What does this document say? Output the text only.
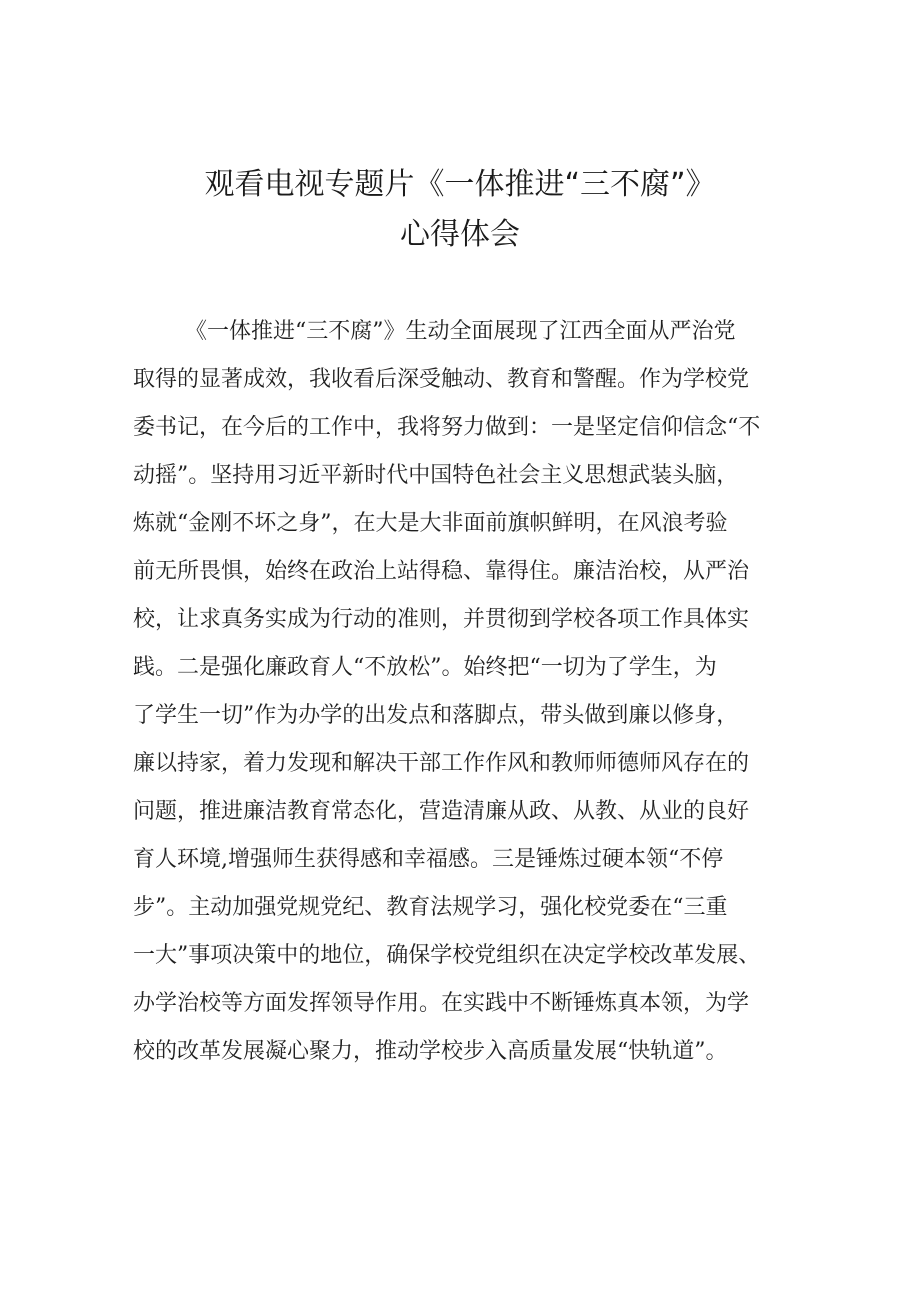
观看电视专题片《一体推进“三不腐”》
心得体会
《一体推进“三不腐”》生动全面展现了江西全面从严治党
取得的显著成效，我收看后深受触动、教育和警醒。作为学校党
委书记，在今后的工作中，我将努力做到：一是坚定信仰信念“不
动摇”。坚持用习近平新时代中国特色社会主义思想武装头脑，
炼就“金刚不坏之身”，在大是大非面前旗帜鲜明，在风浪考验
前无所畏惧，始终在政治上站得稳、靠得住。廉洁治校，从严治
校，让求真务实成为行动的准则，并贯彻到学校各项工作具体实
践。二是强化廉政育人“不放松”。始终把“一切为了学生，为
了学生一切”作为办学的出发点和落脚点，带头做到廉以修身，
廉以持家，着力发现和解决干部工作作风和教师师德师风存在的
问题，推进廉洁教育常态化，营造清廉从政、从教、从业的良好
育人环境,增强师生获得感和幸福感。三是锤炼过硬本领“不停
步”。主动加强党规党纪、教育法规学习，强化校党委在“三重
一大”事项决策中的地位，确保学校党组织在决定学校改革发展、
办学治校等方面发挥领导作用。在实践中不断锤炼真本领，为学
校的改革发展凝心聚力，推动学校步入高质量发展“快轨道”。
